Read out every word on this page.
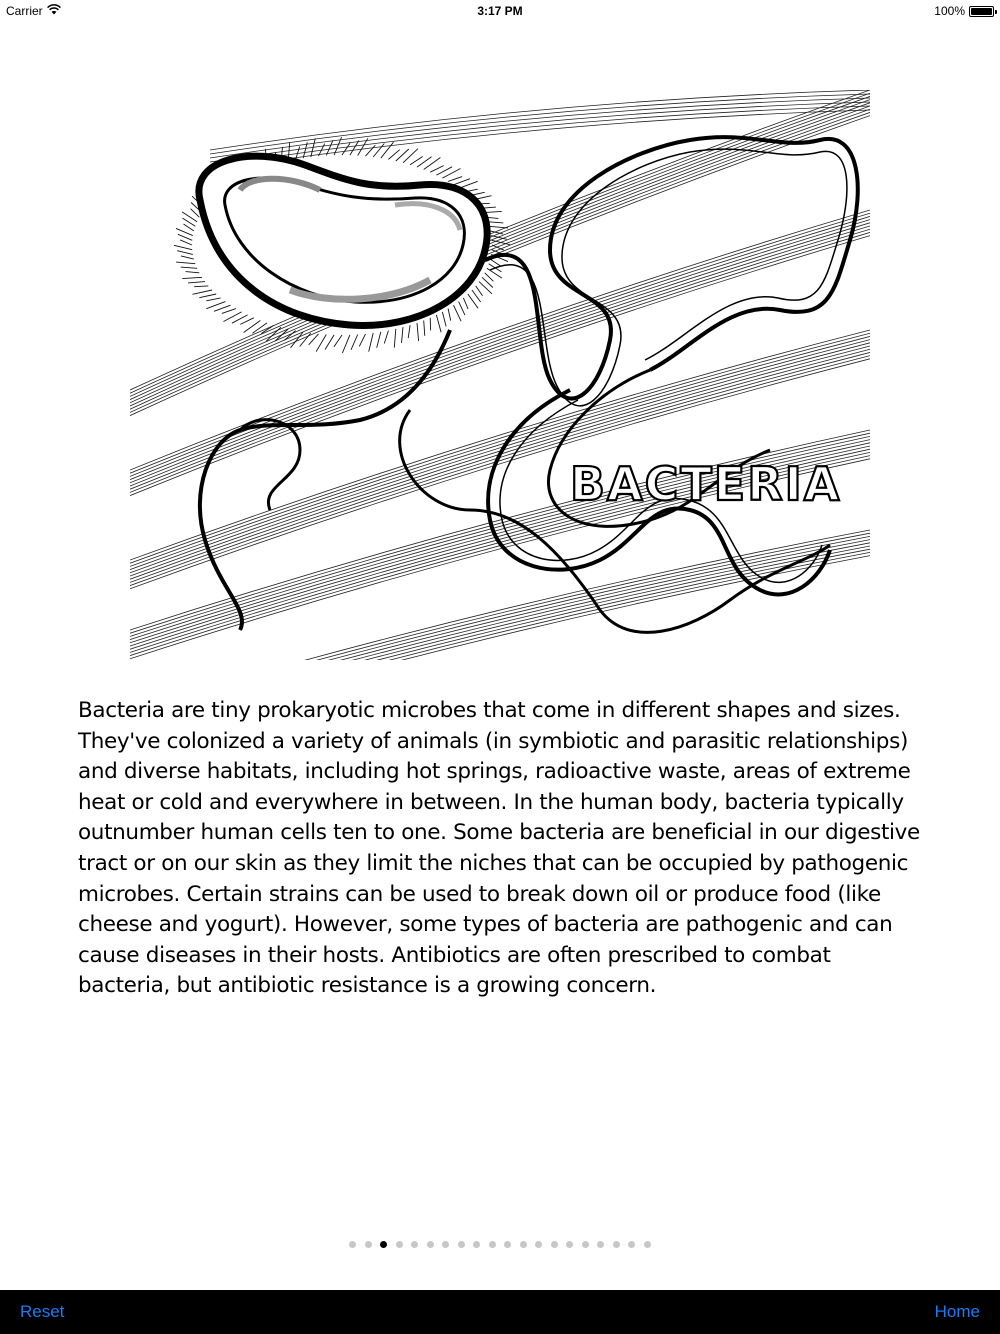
Carrier	3:17 PM	100%
BACTERIA

Bacteria are tiny prokaryotic microbes that come in different shapes and sizes. They've colonized a variety of animals (in symbiotic and parasitic relationships) and diverse habitats, including hot springs, radioactive waste, areas of extreme heat or cold and everywhere in between. In the human body, bacteria typically outnumber human cells ten to one. Some bacteria are beneficial in our digestive tract or on our skin as they limit the niches that can be occupied by pathogenic microbes. Certain strains can be used to break down oil or produce food (like cheese and yogurt). However, some types of bacteria are pathogenic and can cause diseases in their hosts. Antibiotics are often prescribed to combat bacteria, but antibiotic resistance is a growing concern.

Reset	Home
